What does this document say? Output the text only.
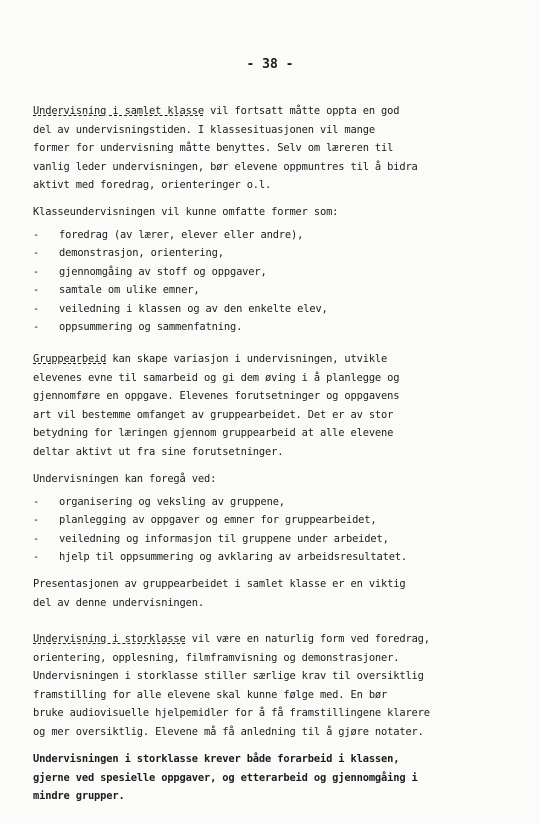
- 38 -

Undervisning i samlet klasse vil fortsatt måtte oppta en god

del av undervisningstiden. I klassesituasjonen vil mange

former for undervisning måtte benyttes. Selv om læreren til

vanlig leder undervisningen, bør elevene oppmuntres til å bidra

aktivt med foredrag, orienteringer o.l.

Klasseundervisningen vil kunne omfatte former som:

- foredrag (av lærer, elever eller andre),
- demonstrasjon, orientering,
- gjennomgåing av stoff og oppgaver,
- samtale om ulike emner,
- veiledning i klassen og av den enkelte elev,
- oppsummering og sammenfatning.

Gruppearbeid kan skape variasjon i undervisningen, utvikle

elevenes evne til samarbeid og gi dem øving i å planlegge og

gjennomføre en oppgave. Elevenes forutsetninger og oppgavens

art vil bestemme omfanget av gruppearbeidet. Det er av stor

betydning for læringen gjennom gruppearbeid at alle elevene

deltar aktivt ut fra sine forutsetninger.

Undervisningen kan foregå ved:

- organisering og veksling av gruppene,
- planlegging av oppgaver og emner for gruppearbeidet,
- veiledning og informasjon til gruppene under arbeidet,
- hjelp til oppsummering og avklaring av arbeidsresultatet.

Presentasjonen av gruppearbeidet i samlet klasse er en viktig

del av denne undervisningen.

Undervisning i storklasse vil være en naturlig form ved foredrag,

orientering, opplesning, filmframvisning og demonstrasjoner.

Undervisningen i storklasse stiller særlige krav til oversiktlig

framstilling for alle elevene skal kunne følge med. En bør

bruke audiovisuelle hjelpemidler for å få framstillingene klarere

og mer oversiktlig. Elevene må få anledning til å gjøre notater.

Undervisningen i storklasse krever både forarbeid i klassen,

gjerne ved spesielle oppgaver, og etterarbeid og gjennomgåing i

mindre grupper.
